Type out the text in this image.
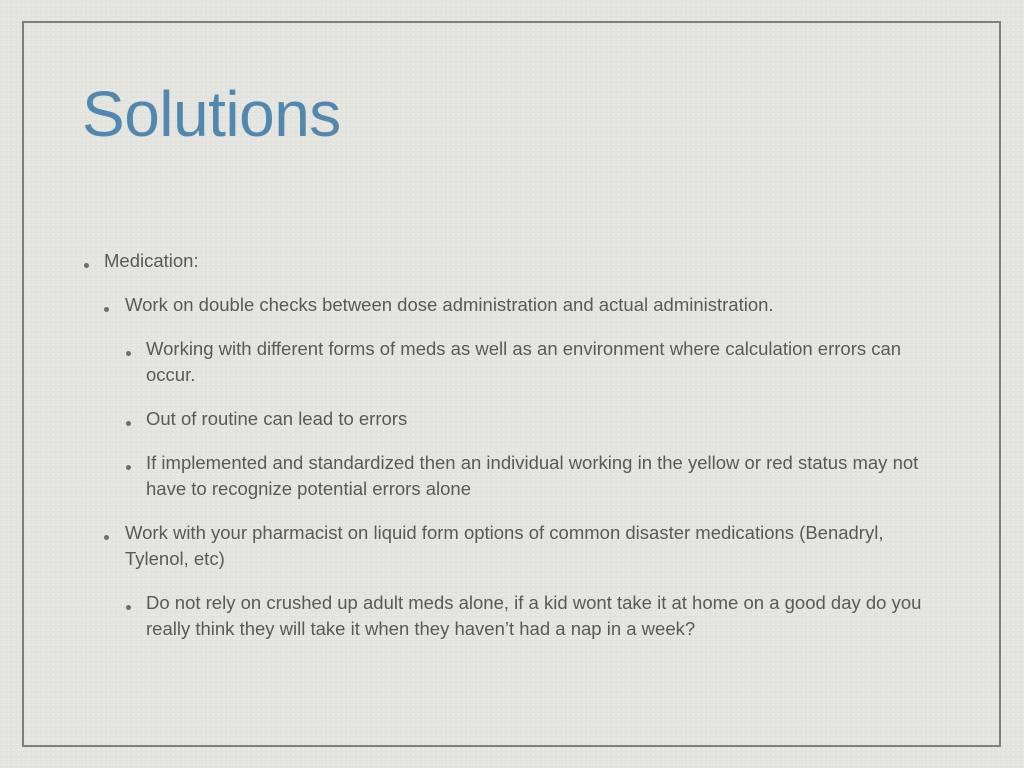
Solutions
Medication:
Work on double checks between dose administration and actual administration.
Working with different forms of meds as well as an environment where calculation errors can occur.
Out of routine can lead to errors
If implemented and standardized then an individual working in the yellow or red status may not have to recognize potential errors alone
Work with your pharmacist on liquid form options of common disaster medications (Benadryl, Tylenol, etc)
Do not rely on crushed up adult meds alone, if a kid wont take it at home on a good day do you really think they will take it when they haven’t had a nap in a week?
